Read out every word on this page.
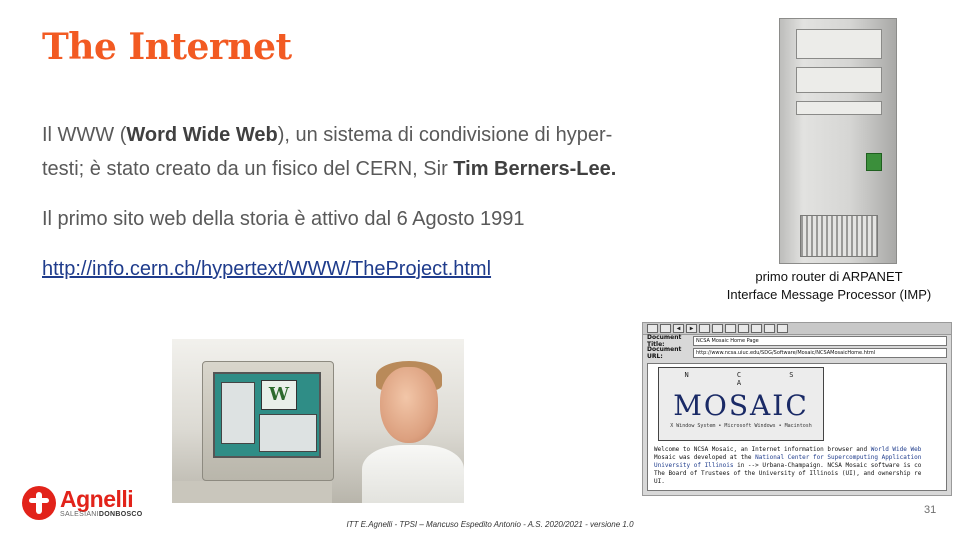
The Internet

Il WWW (Word Wide Web), un sistema di condivisione di hyper-testi; è stato creato da un fisico del CERN, Sir Tim Berners-Lee.

Il primo sito web della storia è attivo dal 6 Agosto 1991

http://info.cern.ch/hypertext/WWW/TheProject.html	primo router di ARPANET
Interface Message Processor (IMP)
◀	▶
Document Title:	NCSA Mosaic Home Page
Document URL:	http://www.ncsa.uiuc.edu/SDG/Software/Mosaic/NCSAMosaicHome.html
N C S A
MOSAIC
X Window System • Microsoft Windows • Macintosh
Welcome to NCSA Mosaic, an Internet information browser and World Wide Web
Mosaic was developed at the National Center for Supercomputing Application
University of Illinois in --> Urbana-Champaign. NCSA Mosaic software is co
The Board of Trustees of the University of Illinois (UI), and ownership re
UI.
W
Agnelli
SALESIANIDONBOSCO
ITT E.Agnelli - TPSI – Mancuso Espedito Antonio - A.S. 2020/2021 - versione 1.0
31
